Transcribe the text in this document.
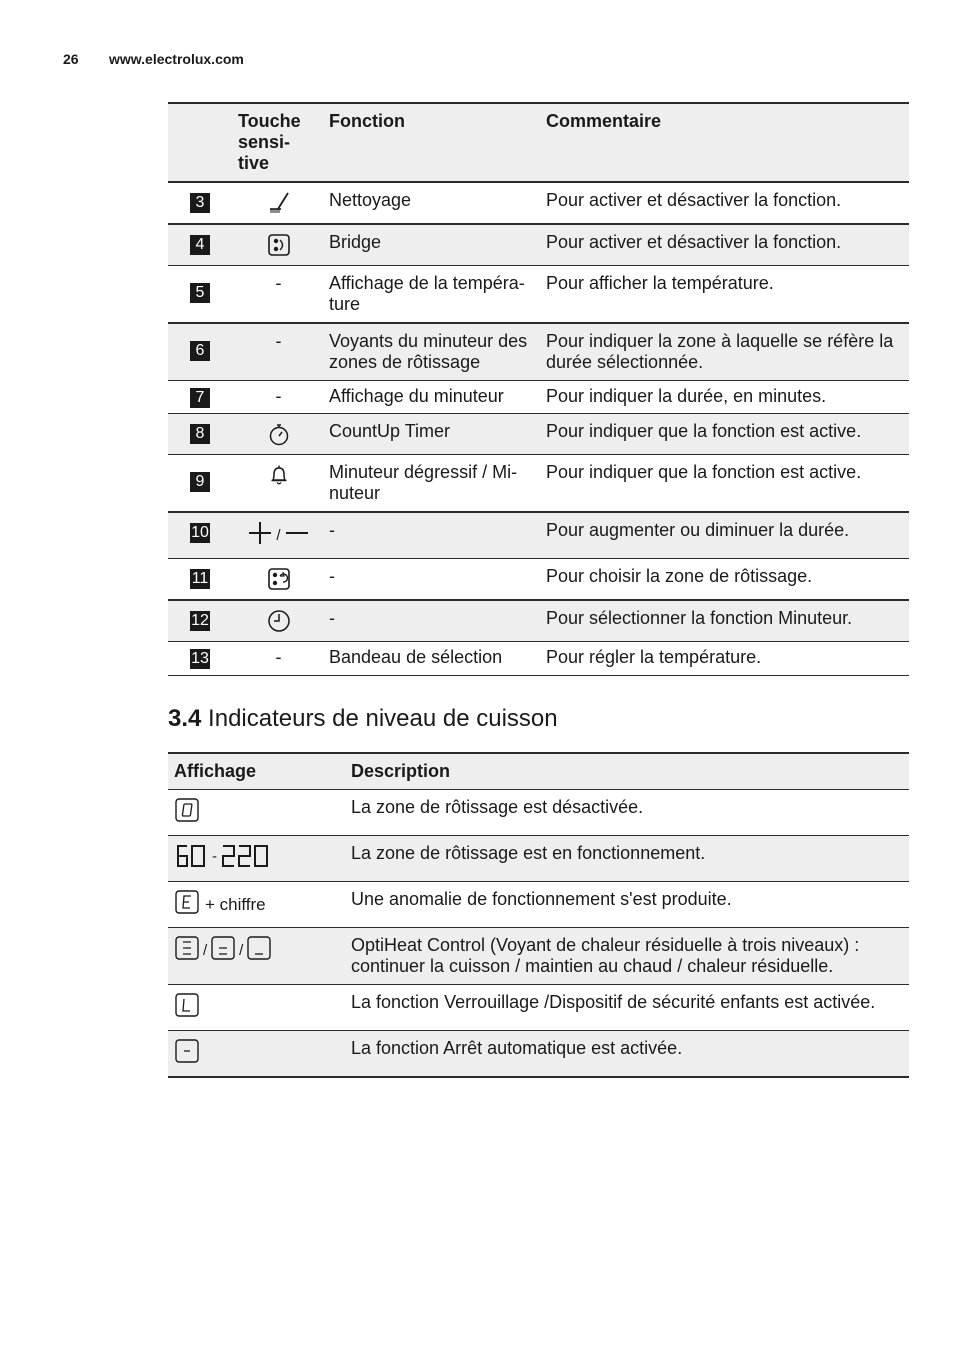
26 www.electrolux.com

	Touche sensi-tive	Fonction	Commentaire
3		Nettoyage	Pour activer et désactiver la fonction.
4		Bridge	Pour activer et désactiver la fonction.
5	-	Affichage de la tempéra-ture	Pour afficher la température.
6	-	Voyants du minuteur des zones de rôtissage	Pour indiquer la zone à laquelle se réfère la durée sélectionnée.
7	-	Affichage du minuteur	Pour indiquer la durée, en minutes.
8		CountUp Timer	Pour indiquer que la fonction est active.
9		Minuteur dégressif / Mi-nuteur	Pour indiquer que la fonction est active.
10	/	-	Pour augmenter ou diminuer la durée.
11		-	Pour choisir la zone de rôtissage.
12		-	Pour sélectionner la fonction Minuteur.
13	-	Bandeau de sélection	Pour régler la température.
3.4 Indicateurs de niveau de cuisson
Affichage	Description
	La zone de rôtissage est désactivée.

-	La zone de rôtissage est en fonctionnement.

+ chiffre	Une anomalie de fonctionnement s'est produite.

/ /	OptiHeat Control (Voyant de chaleur résiduelle à trois niveaux) : continuer la cuisson / maintien au chaud / chaleur résiduelle.
	La fonction Verrouillage /Dispositif de sécurité enfants est activée.
	La fonction Arrêt automatique est activée.
